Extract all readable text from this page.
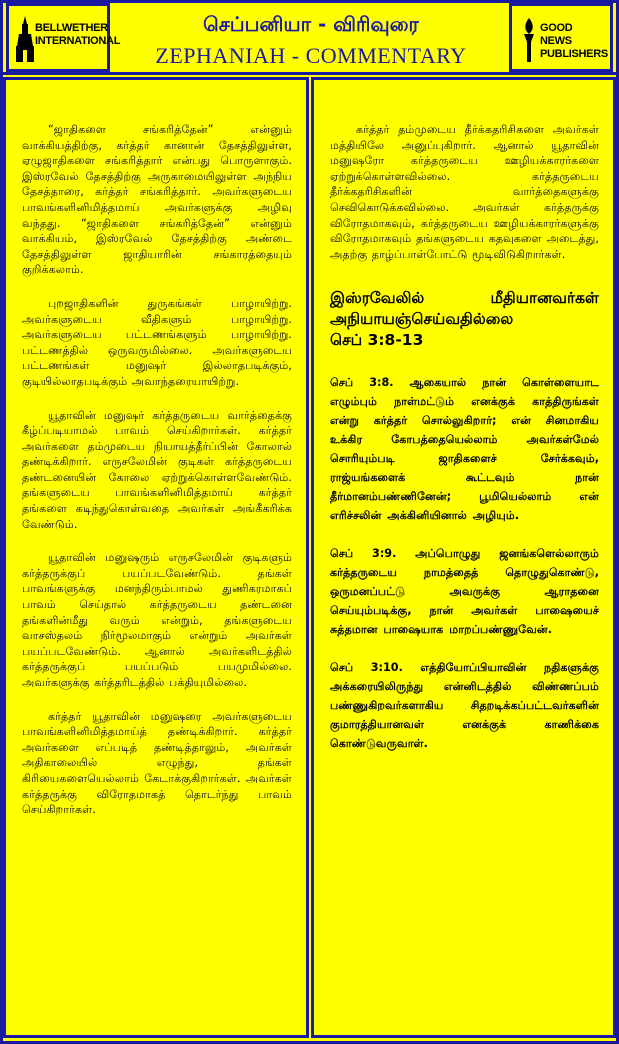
BELLWETHER INTERNATIONAL
செப்பனியா - விரிவுரை
ZEPHANIAH - COMMENTARY
GOOD NEWS PUBLISHERS

“ஜாதிகளை சங்கரித்தேன்” என்னும் வாக்கியத்திற்கு, கர்த்தர் கானான் தேசத்திலுள்ள, ஏழுஜாதிகளை சங்கரித்தார் என்பது பொருளாகும். இஸ்ரவேல் தேசத்திற்கு அருகாமையிலுள்ள அந்நிய தேசத்தாரை, கர்த்தர் சங்கரித்தார். அவர்களுடைய பாவங்களினிமித்தமாய் அவர்களுக்கு அழிவு வந்தது. “ஜாதிகளை சங்கரித்தேன்” என்னும் வாக்கியம், இஸ்ரவேல் தேசத்திற்கு அண்டை தேசத்திலுள்ள ஜாதியாரின் சங்காரத்தையும் குறிக்கலாம்.

புறஜாதிகளின் துருகங்கள் பாழாயிற்று. அவர்களுடைய வீதிகளும் பாழாயிற்று. அவர்களுடைய பட்டணங்களும் பாழாயிற்று. பட்டணத்தில் ஒருவருமில்லை. அவர்களுடைய பட்டணங்கள் மனுஷர் இல்லாதபடிக்கும், குடியில்லாதபடிக்கும் அவாந்தரையாயிற்று.

யூதாவின் மனுஷர் கர்த்தருடைய வார்த்தைக்கு கீழ்ப்படியாமல் பாவம் செய்கிறார்கள். கர்த்தர் அவர்களை தம்முடைய நியாயத்தீர்ப்பின் கோலால் தண்டிக்கிறார். எருசலேமின் குடிகள் கர்த்தருடைய தண்டனையின் கோலை ஏற்றுக்கொள்ளவேண்டும். தங்களுடைய பாவங்களினிமித்தமாய் கர்த்தர் தங்களை கடிந்துகொள்வதை அவர்கள் அங்கீகரிக்க வேண்டும்.

யூதாவின் மனுஷரும் எருசலேமின் குடிகளும் கர்த்தருக்குப் பயப்படவேண்டும். தங்கள் பாவங்களுக்கு மனந்திரும்பாமல் துணிகரமாகப் பாவம் செய்தால் கர்த்தருடைய தண்டனை தங்களின்மீது வரும் என்றும், தங்களுடைய வாசஸ்தலம் நிர்மூலமாகும் என்றும் அவர்கள் பயப்படவேண்டும். ஆனால் அவர்களிடத்தில் கர்த்தருக்குப் பயப்படும் பயமுமில்லை. அவர்களுக்கு கர்த்தரிடத்தில் பக்தியுமில்லை.

கர்த்தர் யூதாவின் மனுஷரை அவர்களுடைய பாவங்களினிமித்தமாய்த் தண்டிக்கிறார். கர்த்தர் அவர்களை எப்படித் தண்டித்தாலும், அவர்கள் அதிகாலையில் எழுந்து, தங்கள் கிரியைகளையெல்லாம் கேடாக்குகிறார்கள். அவர்கள் கர்த்தருக்கு விரோதமாகத் தொடர்ந்து பாவம் செய்கிறார்கள்.

கர்த்தர் தம்முடைய தீர்க்கதரிசிகளை அவர்கள் மத்தியிலே அனுப்புகிறார். ஆனால் யூதாவின் மனுஷரோ கர்த்தருடைய ஊழியக்காரர்களை ஏற்றுக்கொள்ளவில்லை. கர்த்தருடைய தீர்க்கதரிசிகளின் வார்த்தைகளுக்கு செவிகொடுக்கவில்லை. அவர்கள் கர்த்தருக்கு விரோதமாகவும், கர்த்தருடைய ஊழியக்காரர்களுக்கு விரோதமாகவும் தங்களுடைய கதவுகளை அடைத்து, அதற்கு தாழ்ப்பாள்போட்டு மூடிவிடுகிறார்கள்.

இஸ்ரவேலில் மீதியானவர்கள்
அநியாயஞ்செய்வதில்லை
செப் 3:8-13

செப் 3:8. ஆகையால் நான் கொள்ளையாட எழும்பும் நாள்மட்டும் எனக்குக் காத்திருங்கள் என்று கர்த்தர் சொல்லுகிறார்; என் சினமாகிய உக்கிர கோபத்தையெல்லாம் அவர்கள்மேல் சொரியும்படி ஜாதிகளைச் சேர்க்கவும், ராஜ்யங்களைக் கூட்டவும் நான் தீர்மானம்பண்ணினேன்; பூமியெல்லாம் என் எரிச்சலின் அக்கினியினால் அழியும்.

செப் 3:9. அப்பொழுது ஜனங்களெல்லாரும் கர்த்தருடைய நாமத்தைத் தொழுதுகொண்டு, ஒருமனப்பட்டு அவருக்கு ஆராதனை செய்யும்படிக்கு, நான் அவர்கள் பாஷையைச் சுத்தமான பாஷையாக மாறப்பண்ணுவேன்.

செப் 3:10. எத்தியோப்பியாவின் நதிகளுக்கு அக்கரையிலிருந்து என்னிடத்தில் விண்ணப்பம் பண்ணுகிறவர்களாகிய சிதறடிக்கப்பட்டவர்களின் குமாரத்தியானவள் எனக்குக் காணிக்கை கொண்டுவருவாள்.
